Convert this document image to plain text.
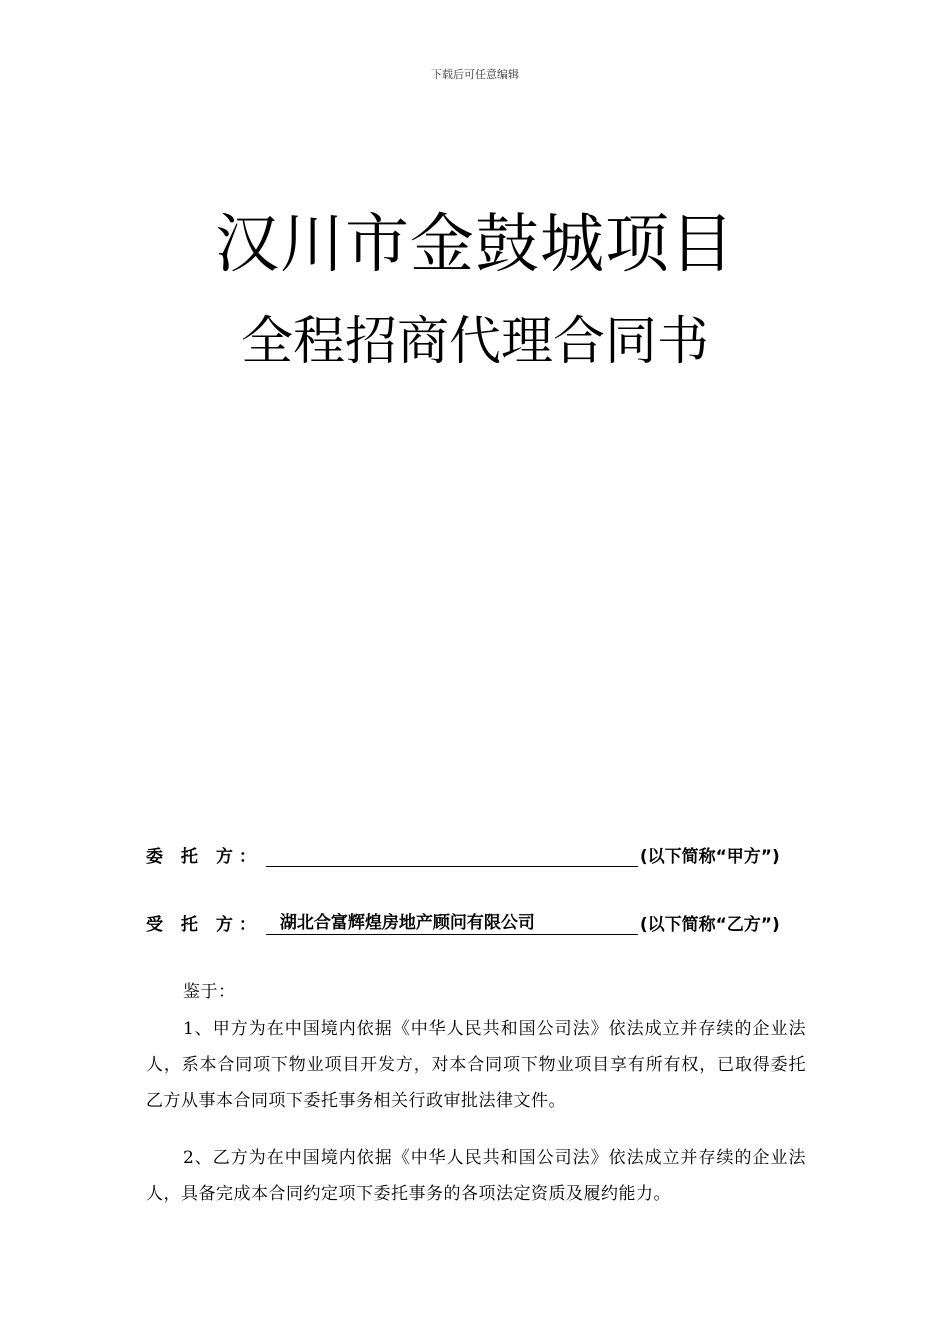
下载后可任意编辑
汉川市金鼓城项目
全程招商代理合同书
委 托 方：	(以下简称“甲方”)
受 托 方： 湖北合富辉煌房地产顾问有限公司	(以下简称“乙方”)
鉴于：
1、甲方为在中国境内依据《中华人民共和国公司法》依法成立并存续的企业法人，系本合同项下物业项目开发方，对本合同项下物业项目享有所有权，已取得委托乙方从事本合同项下委托事务相关行政审批法律文件。
2、乙方为在中国境内依据《中华人民共和国公司法》依法成立并存续的企业法人，具备完成本合同约定项下委托事务的各项法定资质及履约能力。
